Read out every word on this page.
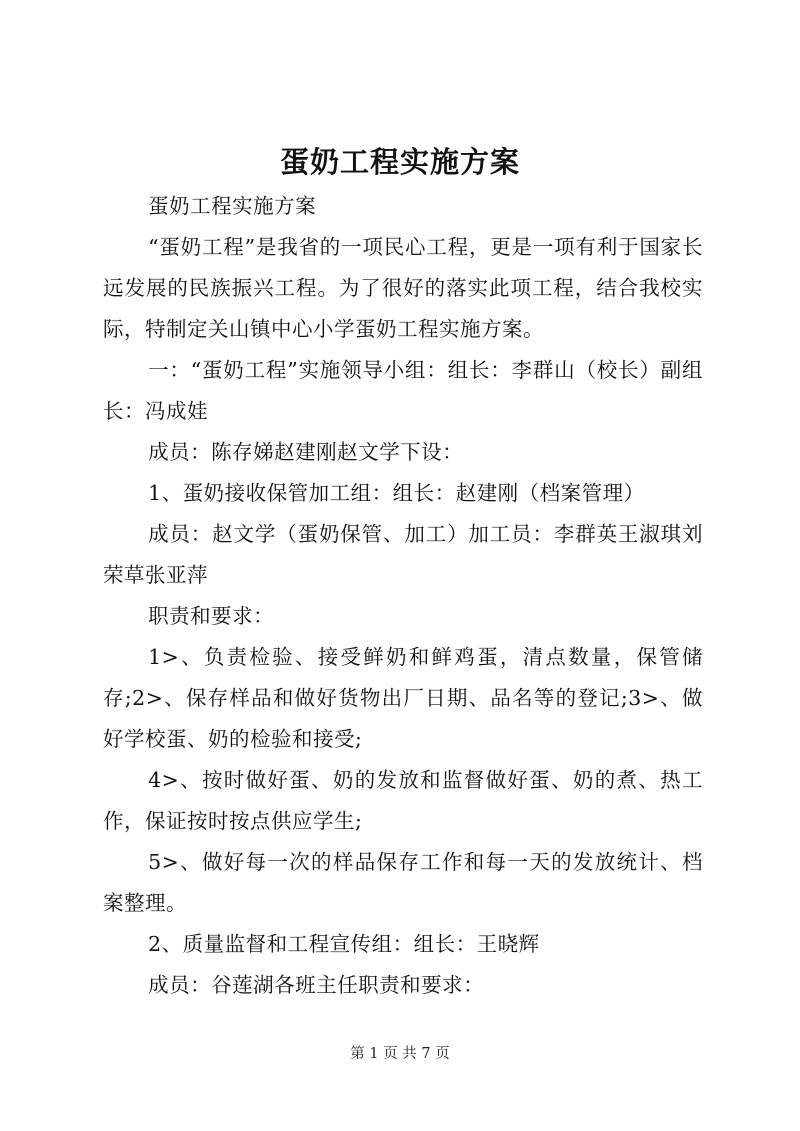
蛋奶工程实施方案

蛋奶工程实施方案

“蛋奶工程”是我省的一项民心工程，更是一项有利于国家长远发展的民族振兴工程。为了很好的落实此项工程，结合我校实际，特制定关山镇中心小学蛋奶工程实施方案。

一：“蛋奶工程”实施领导小组：组长：李群山（校长）副组长：冯成娃

成员：陈存娣赵建刚赵文学下设：

1、蛋奶接收保管加工组：组长：赵建刚（档案管理）

成员：赵文学（蛋奶保管、加工）加工员：李群英王淑琪刘荣草张亚萍

职责和要求：

1>、负责检验、接受鲜奶和鲜鸡蛋，清点数量，保管储存;2>、保存样品和做好货物出厂日期、品名等的登记;3>、做好学校蛋、奶的检验和接受;

4>、按时做好蛋、奶的发放和监督做好蛋、奶的煮、热工作，保证按时按点供应学生;

5>、做好每一次的样品保存工作和每一天的发放统计、档案整理。

2、质量监督和工程宣传组：组长：王晓辉

成员：谷莲湖各班主任职责和要求：

第 1 页 共 7 页
